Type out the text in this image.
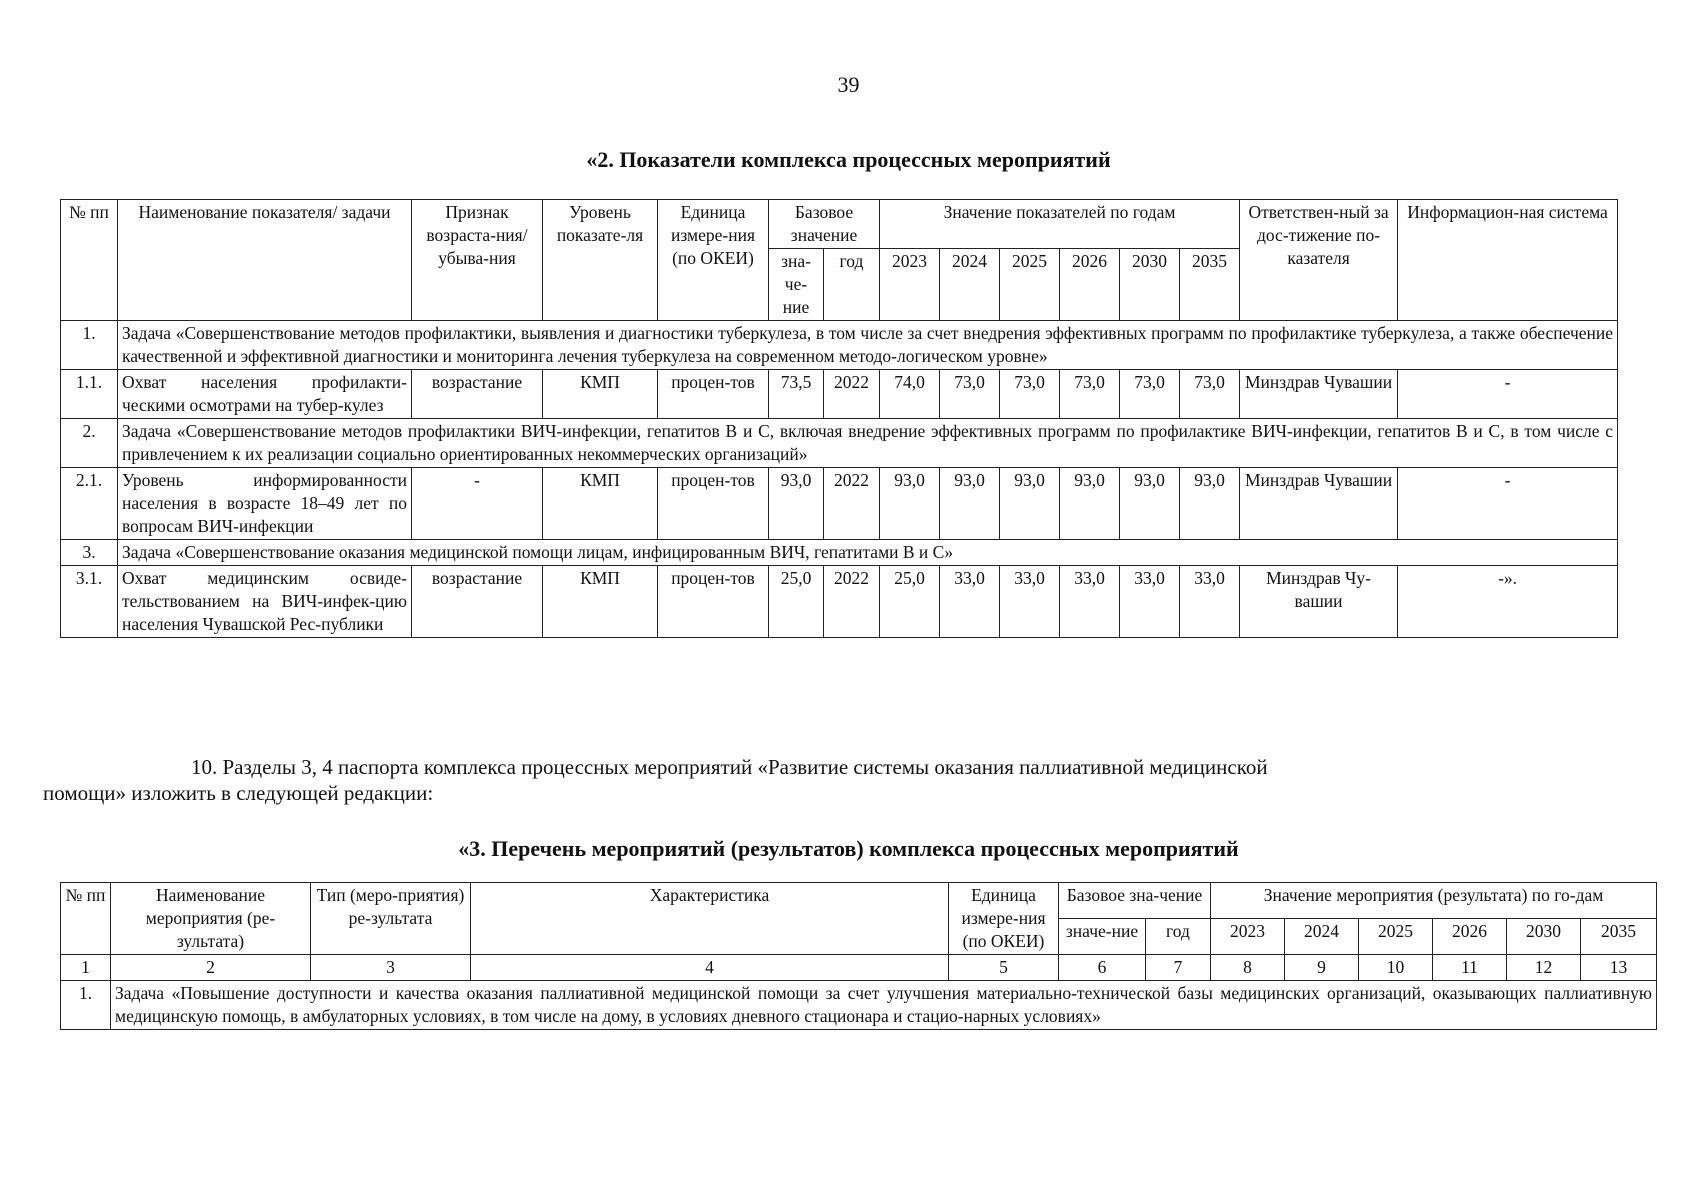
39
«2. Показатели комплекса процессных мероприятий
№ пп	Наименование показателя/ задачи	Признак возраста-ния/убыва-ния	Уровень показате-ля	Единица измере-ния (по ОКЕИ)	Базовое значение		Значение показателей по годам						Ответствен-ный за дос-тижение по-казателя	Информацион-ная система
					зна-че-ние	год	2023	2024	2025	2026	2030	2035		
1.	Задача «Совершенствование методов профилактики, выявления и диагностики туберкулеза, в том числе за счет внедрения эффективных программ по профилактике туберкулеза, а также обеспечение качественной и эффективной диагностики и мониторинга лечения туберкулеза на современном методо-логическом уровне»													
1.1.	Охват населения профилакти-ческими осмотрами на тубер-кулез	возрастание	КМП	процен-тов	73,5	2022	74,0	73,0	73,0	73,0	73,0	73,0	Минздрав Чувашии	-
2.	Задача «Совершенствование методов профилактики ВИЧ-инфекции, гепатитов В и С, включая внедрение эффективных программ по профилактике ВИЧ-инфекции, гепатитов В и С, в том числе с привлечением к их реализации социально ориентированных некоммерческих организаций»													
2.1.	Уровень информированности населения в возрасте 18–49 лет по вопросам ВИЧ-инфекции	-	КМП	процен-тов	93,0	2022	93,0	93,0	93,0	93,0	93,0	93,0	Минздрав Чувашии	-
3.	Задача «Совершенствование оказания медицинской помощи лицам, инфицированным ВИЧ, гепатитами В и С»													
3.1.	Охват медицинским освиде-тельствованием на ВИЧ-инфек-цию населения Чувашской Рес-публики	возрастание	КМП	процен-тов	25,0	2022	25,0	33,0	33,0	33,0	33,0	33,0	Минздрав Чу-вашии	-».
10. Разделы 3, 4 паспорта комплекса процессных мероприятий «Развитие системы оказания паллиативной медицинской
помощи» изложить в следующей редакции:
«3. Перечень мероприятий (результатов) комплекса процессных мероприятий
№ пп	Наименование мероприятия (ре-зультата)	Тип (меро-приятия) ре-зультата	Характеристика	Единица измере-ния (по ОКЕИ)	Базовое зна-чение		Значение мероприятия (результата) по го-дам					
					значе-ние	год	2023	2024	2025	2026	2030	2035
1	2	3	4	5	6	7	8	9	10	11	12	13
1.	Задача «Повышение доступности и качества оказания паллиативной медицинской помощи за счет улучшения материально-технической базы медицинских организаций, оказывающих паллиативную медицинскую помощь, в амбулаторных условиях, в том числе на дому, в условиях дневного стационара и стацио-нарных условиях»											
